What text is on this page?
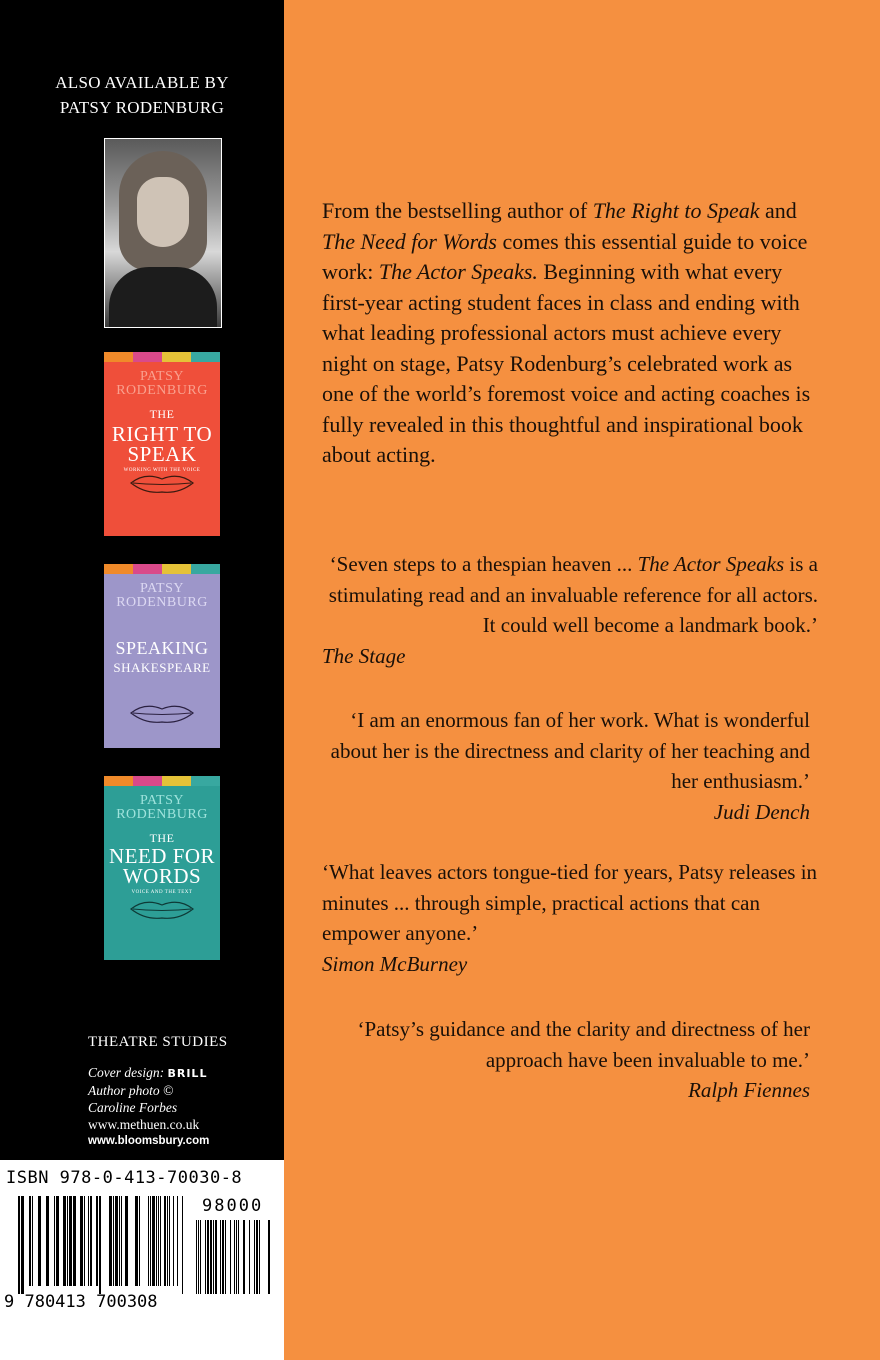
ALSO AVAILABLE BY
PATSY RODENBURG
PATSY RODENBURG
THE
RIGHT TO
SPEAK
WORKING WITH THE VOICE
PATSY RODENBURG
SPEAKING
SHAKESPEARE
PATSY RODENBURG
THE
NEED FOR
WORDS
VOICE AND THE TEXT
THEATRE STUDIES
Cover design: BRILL
Author photo ©
Caroline Forbes
www.methuen.co.uk
www.bloomsbury.com
ISBN 978-0-413-70030-8
98000
9 780413 700308
From the bestselling author of The Right to Speak and The Need for Words comes this essential guide to voice work: The Actor Speaks. Beginning with what every first-year acting student faces in class and ending with what leading professional actors must achieve every night on stage, Patsy Rodenburg’s celebrated work as one of the world’s foremost voice and acting coaches is fully revealed in this thoughtful and inspirational book about acting.
‘Seven steps to a thespian heaven ... The Actor Speaks is a stimulating read and an invaluable reference for all actors. It could well become a landmark book.’
The Stage
‘I am an enormous fan of her work. What is wonderful about her is the directness and clarity of her teaching and her enthusiasm.’
Judi Dench
‘What leaves actors tongue-tied for years, Patsy releases in minutes ... through simple, practical actions that can empower anyone.’
Simon McBurney
‘Patsy’s guidance and the clarity and directness of her approach have been invaluable to me.’
Ralph Fiennes
